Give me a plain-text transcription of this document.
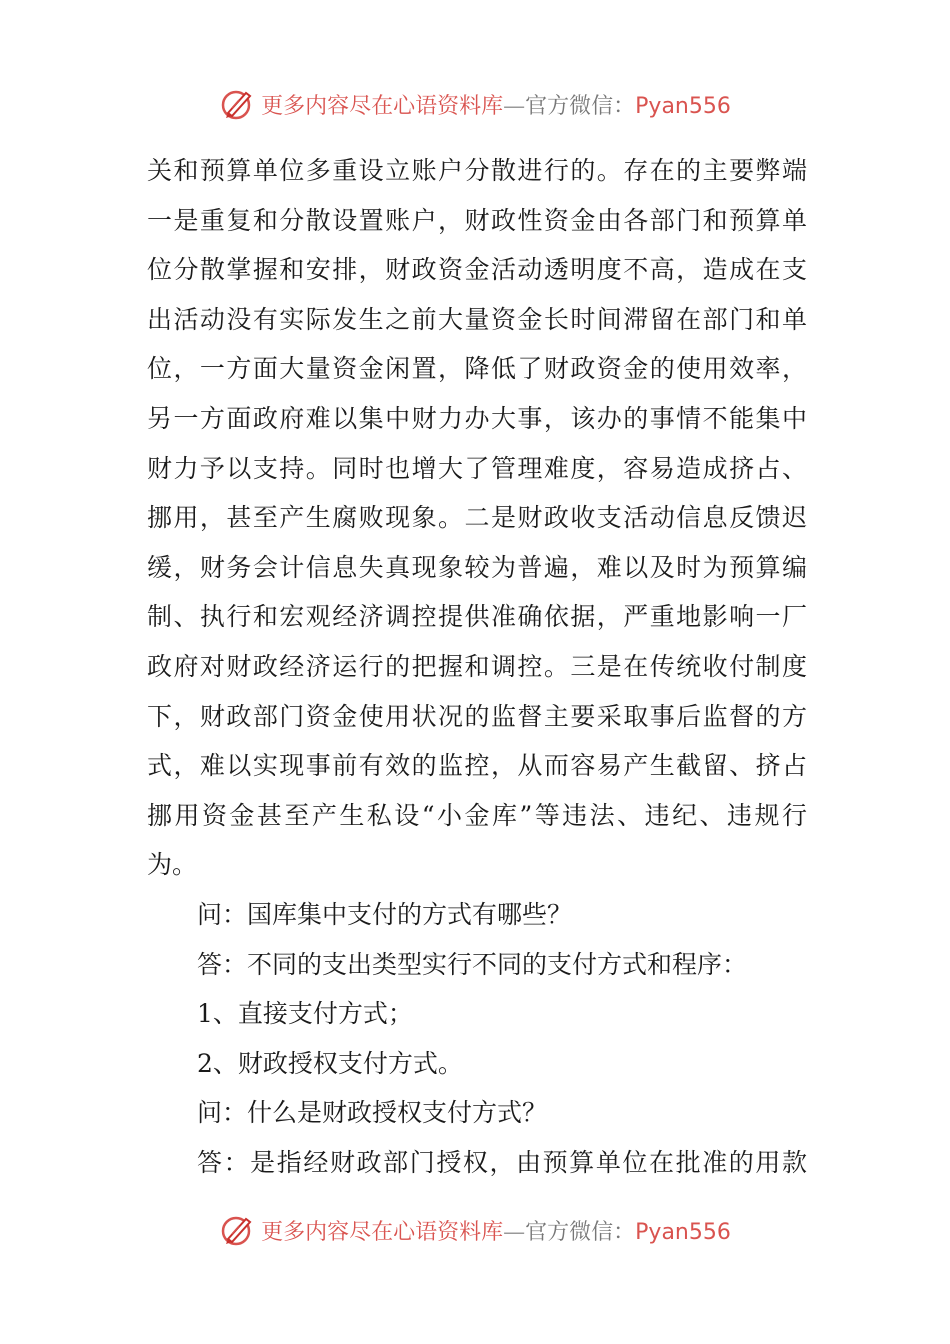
更多内容尽在心语资料库—官方微信：Pyan556
关和预算单位多重设立账户分散进行的。存在的主要弊端
一是重复和分散设置账户，财政性资金由各部门和预算单
位分散掌握和安排，财政资金活动透明度不高，造成在支
出活动没有实际发生之前大量资金长时间滞留在部门和单
位，一方面大量资金闲置，降低了财政资金的使用效率，
另一方面政府难以集中财力办大事，该办的事情不能集中
财力予以支持。同时也增大了管理难度，容易造成挤占、
挪用，甚至产生腐败现象。二是财政收支活动信息反馈迟
缓，财务会计信息失真现象较为普遍，难以及时为预算编
制、执行和宏观经济调控提供准确依据，严重地影响一厂
政府对财政经济运行的把握和调控。三是在传统收付制度
下，财政部门资金使用状况的监督主要采取事后监督的方
式，难以实现事前有效的监控，从而容易产生截留、挤占
挪用资金甚至产生私设“小金库”等违法、违纪、违规行
为。
问：国库集中支付的方式有哪些？
答：不同的支出类型实行不同的支付方式和程序：
1、直接支付方式；
2、财政授权支付方式。
问：什么是财政授权支付方式？
答：是指经财政部门授权，由预算单位在批准的用款
更多内容尽在心语资料库—官方微信：Pyan556
